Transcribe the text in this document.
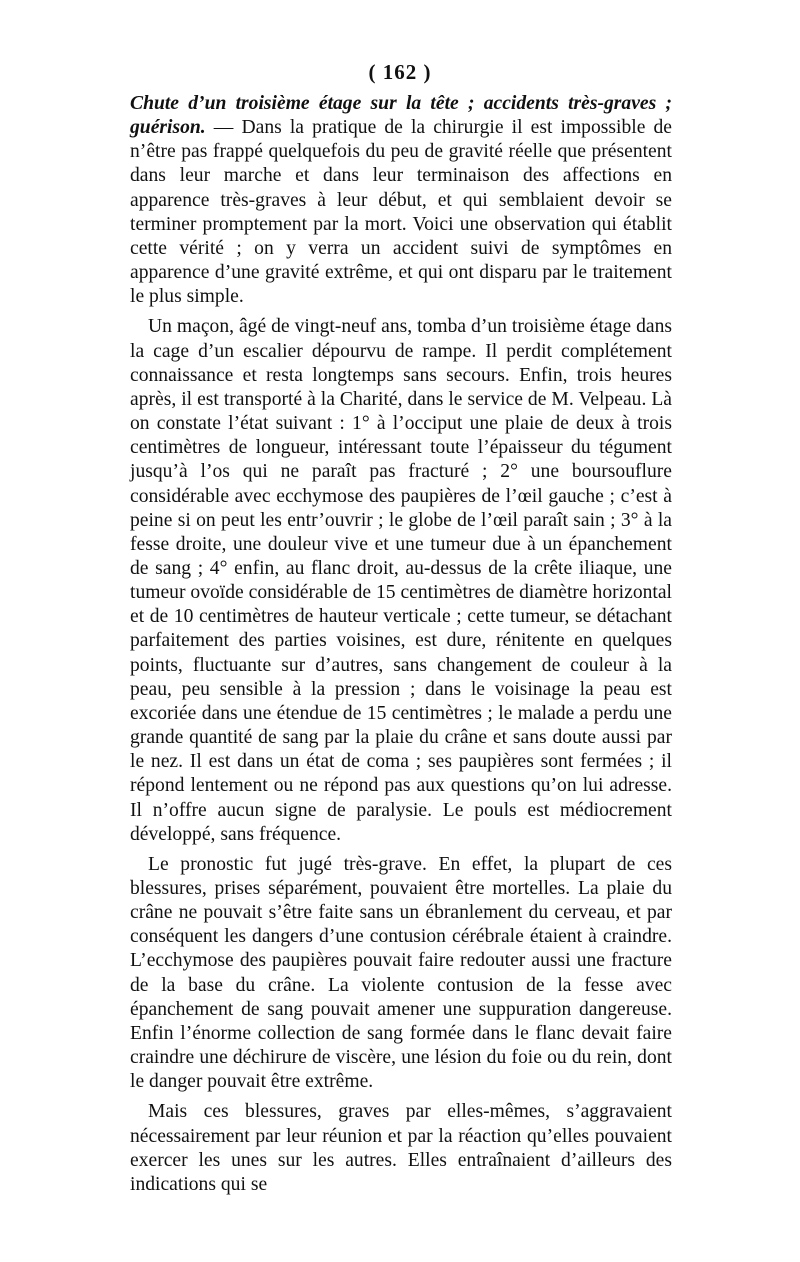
( 162 )

Chute d’un troisième étage sur la tête ; accidents très-graves ; guérison. — Dans la pratique de la chirurgie il est impossible de n’être pas frappé quelquefois du peu de gravité réelle que présentent dans leur marche et dans leur terminaison des affections en apparence très-graves à leur début, et qui semblaient devoir se terminer promptement par la mort. Voici une observation qui établit cette vérité ; on y verra un accident suivi de symptômes en apparence d’une gravité extrême, et qui ont disparu par le traitement le plus simple.

Un maçon, âgé de vingt-neuf ans, tomba d’un troisième étage dans la cage d’un escalier dépourvu de rampe. Il perdit complétement connaissance et resta longtemps sans secours. Enfin, trois heures après, il est transporté à la Charité, dans le service de M. Velpeau. Là on constate l’état suivant : 1° à l’occiput une plaie de deux à trois centimètres de longueur, intéressant toute l’épaisseur du tégument jusqu’à l’os qui ne paraît pas fracturé ; 2° une boursouflure considérable avec ecchymose des paupières de l’œil gauche ; c’est à peine si on peut les entr’ouvrir ; le globe de l’œil paraît sain ; 3° à la fesse droite, une douleur vive et une tumeur due à un épanchement de sang ; 4° enfin, au flanc droit, au-dessus de la crête iliaque, une tumeur ovoïde considérable de 15 centimètres de diamètre horizontal et de 10 centimètres de hauteur verticale ; cette tumeur, se détachant parfaitement des parties voisines, est dure, rénitente en quelques points, fluctuante sur d’autres, sans changement de couleur à la peau, peu sensible à la pression ; dans le voisinage la peau est excoriée dans une étendue de 15 centimètres ; le malade a perdu une grande quantité de sang par la plaie du crâne et sans doute aussi par le nez. Il est dans un état de coma ; ses paupières sont fermées ; il répond lentement ou ne répond pas aux questions qu’on lui adresse. Il n’offre aucun signe de paralysie. Le pouls est médiocrement développé, sans fréquence.

Le pronostic fut jugé très-grave. En effet, la plupart de ces blessures, prises séparément, pouvaient être mortelles. La plaie du crâne ne pouvait s’être faite sans un ébranlement du cerveau, et par conséquent les dangers d’une contusion cérébrale étaient à craindre. L’ecchymose des paupières pouvait faire redouter aussi une fracture de la base du crâne. La violente contusion de la fesse avec épanchement de sang pouvait amener une suppuration dangereuse. Enfin l’énorme collection de sang formée dans le flanc devait faire craindre une déchirure de viscère, une lésion du foie ou du rein, dont le danger pouvait être extrême.

Mais ces blessures, graves par elles-mêmes, s’aggravaient nécessairement par leur réunion et par la réaction qu’elles pouvaient exercer les unes sur les autres. Elles entraînaient d’ailleurs des indications qui se
